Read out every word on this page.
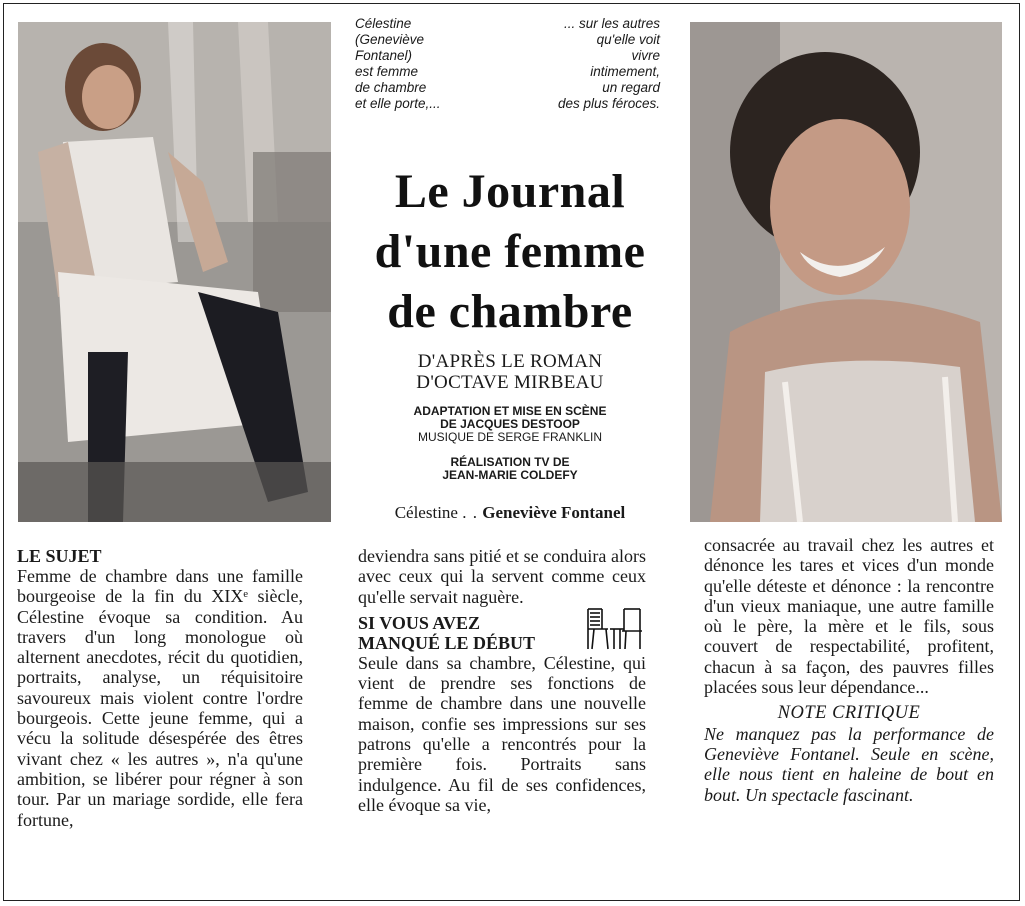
Célestine
(Geneviève
Fontanel)
est femme
de chambre
et elle porte,...
... sur les autres
qu'elle voit
vivre
intimement,
un regard
des plus féroces.
Le Journal
d'une femme
de chambre
D'APRÈS LE ROMAN
D'OCTAVE MIRBEAU
ADAPTATION ET MISE EN SCÈNE
DE JACQUES DESTOOP
MUSIQUE DE SERGE FRANKLIN
RÉALISATION TV DE
JEAN-MARIE COLDEFY
Célestine . . Geneviève Fontanel

LE SUJET

Femme de chambre dans une famille bourgeoise de la fin du XIXᵉ siècle, Célestine évoque sa condition. Au travers d'un long monologue où alternent anecdotes, récit du quotidien, portraits, analyse, un réquisitoire savoureux mais violent contre l'ordre bourgeois. Cette jeune femme, qui a vécu la solitude désespérée des êtres vivant chez « les autres », n'a qu'une ambition, se libérer pour régner à son tour. Par un mariage sordide, elle fera fortune,

deviendra sans pitié et se conduira alors avec ceux qui la servent comme ceux qu'elle servait naguère.

SI VOUS AVEZ
MANQUÉ LE DÉBUT

Seule dans sa chambre, Célestine, qui vient de prendre ses fonctions de femme de chambre dans une nouvelle maison, confie ses impressions sur ses patrons qu'elle a rencontrés pour la première fois. Portraits sans indulgence. Au fil de ses confidences, elle évoque sa vie,

consacrée au travail chez les autres et dénonce les tares et vices d'un monde qu'elle déteste et dénonce : la rencontre d'un vieux maniaque, une autre famille où le père, la mère et le fils, sous couvert de respectabilité, profitent, chacun à sa façon, des pauvres filles placées sous leur dépendance...

NOTE CRITIQUE

Ne manquez pas la performance de Geneviève Fontanel. Seule en scène, elle nous tient en haleine de bout en bout. Un spectacle fascinant.
